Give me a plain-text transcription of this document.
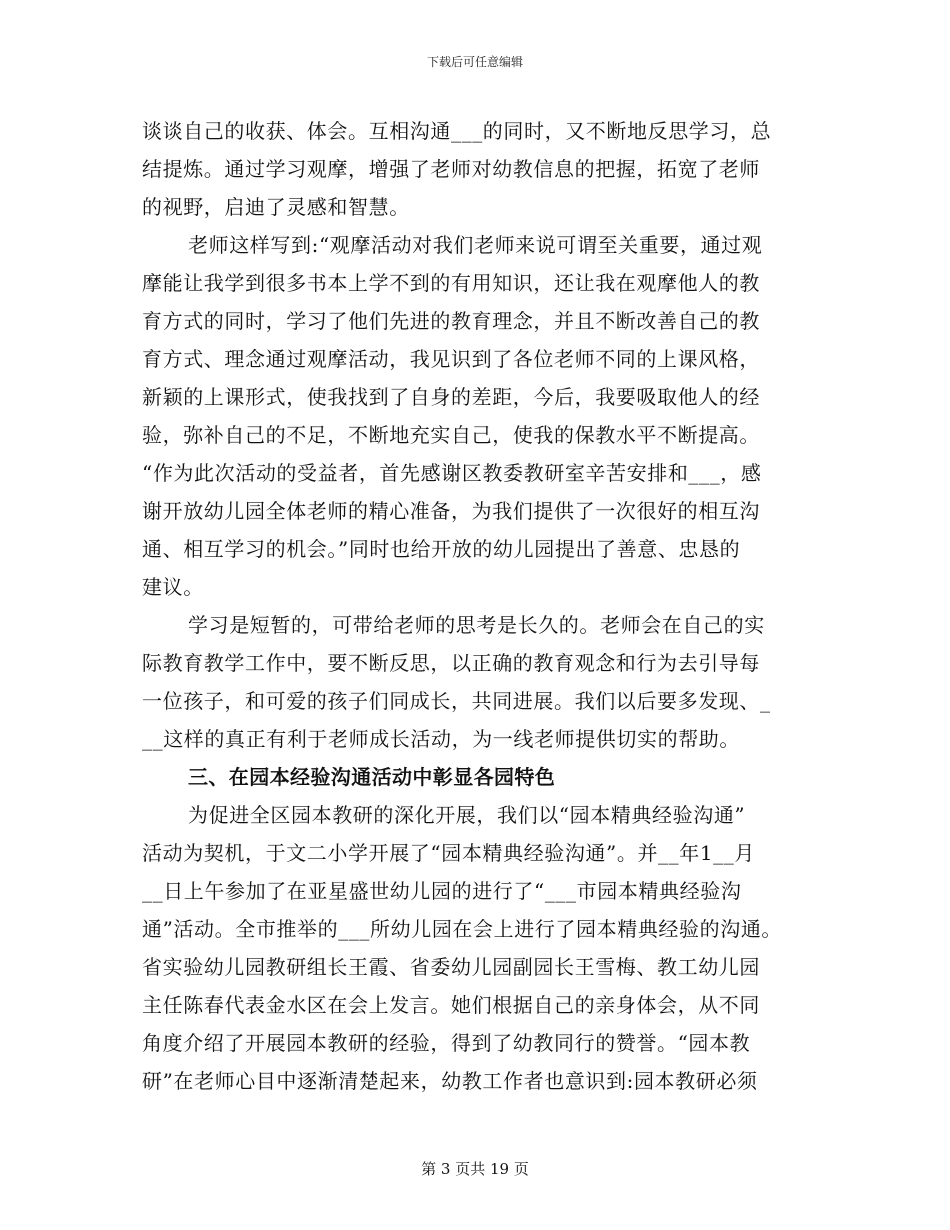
下载后可任意编辑
谈谈自己的收获、体会。互相沟通___的同时，又不断地反思学习，总
结提炼。通过学习观摩，增强了老师对幼教信息的把握，拓宽了老师
的视野，启迪了灵感和智慧。
老师这样写到:“观摩活动对我们老师来说可谓至关重要，通过观
摩能让我学到很多书本上学不到的有用知识，还让我在观摩他人的教
育方式的同时，学习了他们先进的教育理念，并且不断改善自己的教
育方式、理念通过观摩活动，我见识到了各位老师不同的上课风格，
新颖的上课形式，使我找到了自身的差距，今后，我要吸取他人的经
验，弥补自己的不足，不断地充实自己，使我的保教水平不断提高。
“作为此次活动的受益者，首先感谢区教委教研室辛苦安排和___，感
谢开放幼儿园全体老师的精心准备，为我们提供了一次很好的相互沟
通、相互学习的机会。”同时也给开放的幼儿园提出了善意、忠恳的
建议。
学习是短暂的，可带给老师的思考是长久的。老师会在自己的实
际教育教学工作中，要不断反思，以正确的教育观念和行为去引导每
一位孩子，和可爱的孩子们同成长，共同进展。我们以后要多发现、_
__这样的真正有利于老师成长活动，为一线老师提供切实的帮助。
三、在园本经验沟通活动中彰显各园特色
为促进全区园本教研的深化开展，我们以“园本精典经验沟通”
活动为契机，于文二小学开展了“园本精典经验沟通”。并__年1__月
__日上午参加了在亚星盛世幼儿园的进行了“___市园本精典经验沟
通”活动。全市推举的___所幼儿园在会上进行了园本精典经验的沟通。
省实验幼儿园教研组长王霞、省委幼儿园副园长王雪梅、教工幼儿园
主任陈春代表金水区在会上发言。她们根据自己的亲身体会，从不同
角度介绍了开展园本教研的经验，得到了幼教同行的赞誉。“园本教
研”在老师心目中逐渐清楚起来，幼教工作者也意识到:园本教研必须
第 3 页共 19 页
